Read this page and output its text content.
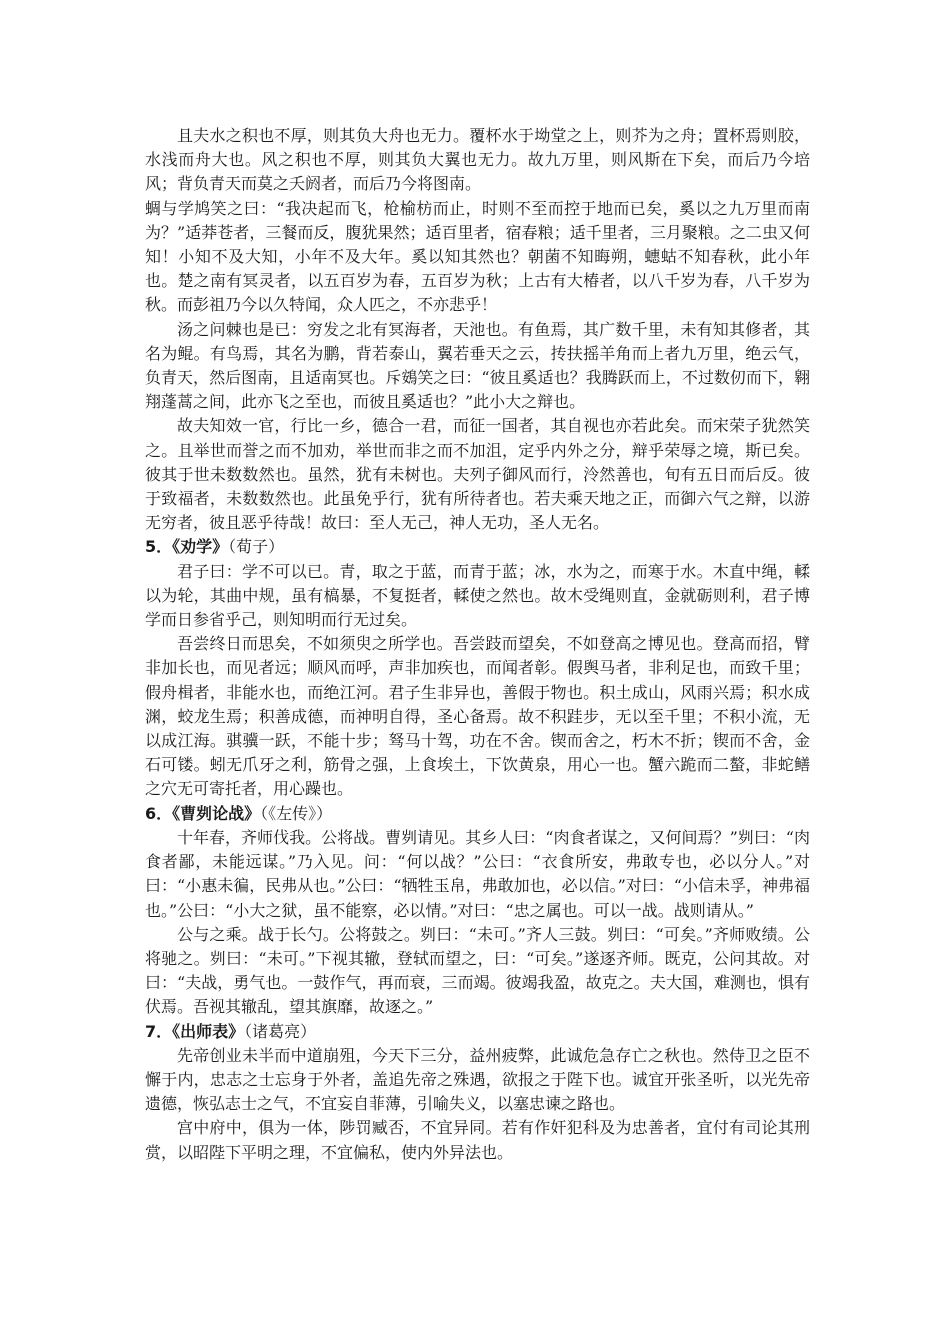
且夫水之积也不厚，则其负大舟也无力。覆杯水于坳堂之上，则芥为之舟；置杯焉则胶，水浅而舟大也。风之积也不厚，则其负大翼也无力。故九万里，则风斯在下矣，而后乃今培风；背负青天而莫之夭阏者，而后乃今将图南。

蜩与学鸠笑之曰：“我决起而飞，枪榆枋而止，时则不至而控于地而已矣，奚以之九万里而南为？”适莽苍者，三餐而反，腹犹果然；适百里者，宿春粮；适千里者，三月聚粮。之二虫又何知！小知不及大知，小年不及大年。奚以知其然也？朝菌不知晦朔，蟪蛄不知春秋，此小年也。楚之南有冥灵者，以五百岁为春，五百岁为秋；上古有大椿者，以八千岁为春，八千岁为秋。而彭祖乃今以久特闻，众人匹之，不亦悲乎！

汤之问棘也是已：穷发之北有冥海者，天池也。有鱼焉，其广数千里，未有知其修者，其名为鲲。有鸟焉，其名为鹏，背若泰山，翼若垂天之云，抟扶摇羊角而上者九万里，绝云气，负青天，然后图南，且适南冥也。斥鴳笑之曰：“彼且奚适也？我腾跃而上，不过数仞而下，翱翔蓬蒿之间，此亦飞之至也，而彼且奚适也？”此小大之辩也。

故夫知效一官，行比一乡，德合一君，而征一国者，其自视也亦若此矣。而宋荣子犹然笑之。且举世而誉之而不加劝，举世而非之而不加沮，定乎内外之分，辩乎荣辱之境，斯已矣。彼其于世未数数然也。虽然，犹有未树也。夫列子御风而行，泠然善也，旬有五日而后反。彼于致福者，未数数然也。此虽免乎行，犹有所待者也。若夫乘天地之正，而御六气之辩，以游无穷者，彼且恶乎待哉！故曰：至人无己，神人无功，圣人无名。

5．《劝学》（荀子）

君子曰：学不可以已。青，取之于蓝，而青于蓝；冰，水为之，而寒于水。木直中绳，輮以为轮，其曲中规，虽有槁暴，不复挺者，輮使之然也。故木受绳则直，金就砺则利，君子博学而日参省乎己，则知明而行无过矣。

吾尝终日而思矣，不如须臾之所学也。吾尝跂而望矣，不如登高之博见也。登高而招，臂非加长也，而见者远；顺风而呼，声非加疾也，而闻者彰。假舆马者，非利足也，而致千里；假舟楫者，非能水也，而绝江河。君子生非异也，善假于物也。积土成山，风雨兴焉；积水成渊，蛟龙生焉；积善成德，而神明自得，圣心备焉。故不积跬步，无以至千里；不积小流，无以成江海。骐骥一跃，不能十步；驽马十驾，功在不舍。锲而舍之，朽木不折；锲而不舍，金石可镂。蚓无爪牙之利，筋骨之强，上食埃土，下饮黄泉，用心一也。蟹六跪而二螯，非蛇鳝之穴无可寄托者，用心躁也。

6．《曹刿论战》（《左传》）

十年春，齐师伐我。公将战。曹刿请见。其乡人曰：“肉食者谋之，又何间焉？”刿曰：“肉食者鄙，未能远谋。”乃入见。问：“何以战？”公曰：“衣食所安，弗敢专也，必以分人。”对曰：“小惠未徧，民弗从也。”公曰：“牺牲玉帛，弗敢加也，必以信。”对曰：“小信未孚，神弗福也。”公曰：“小大之狱，虽不能察，必以情。”对曰：“忠之属也。可以一战。战则请从。”

公与之乘。战于长勺。公将鼓之。刿曰：“未可。”齐人三鼓。刿曰：“可矣。”齐师败绩。公将驰之。刿曰：“未可。”下视其辙，登轼而望之，曰：“可矣。”遂逐齐师。既克，公问其故。对曰：“夫战，勇气也。一鼓作气，再而衰，三而竭。彼竭我盈，故克之。夫大国，难测也，惧有伏焉。吾视其辙乱，望其旗靡，故逐之。”

7．《出师表》（诸葛亮）

先帝创业未半而中道崩殂，今天下三分，益州疲弊，此诚危急存亡之秋也。然侍卫之臣不懈于内，忠志之士忘身于外者，盖追先帝之殊遇，欲报之于陛下也。诚宜开张圣听，以光先帝遗德，恢弘志士之气，不宜妄自菲薄，引喻失义，以塞忠谏之路也。

宫中府中，俱为一体，陟罚臧否，不宜异同。若有作奸犯科及为忠善者，宜付有司论其刑赏，以昭陛下平明之理，不宜偏私，使内外异法也。
